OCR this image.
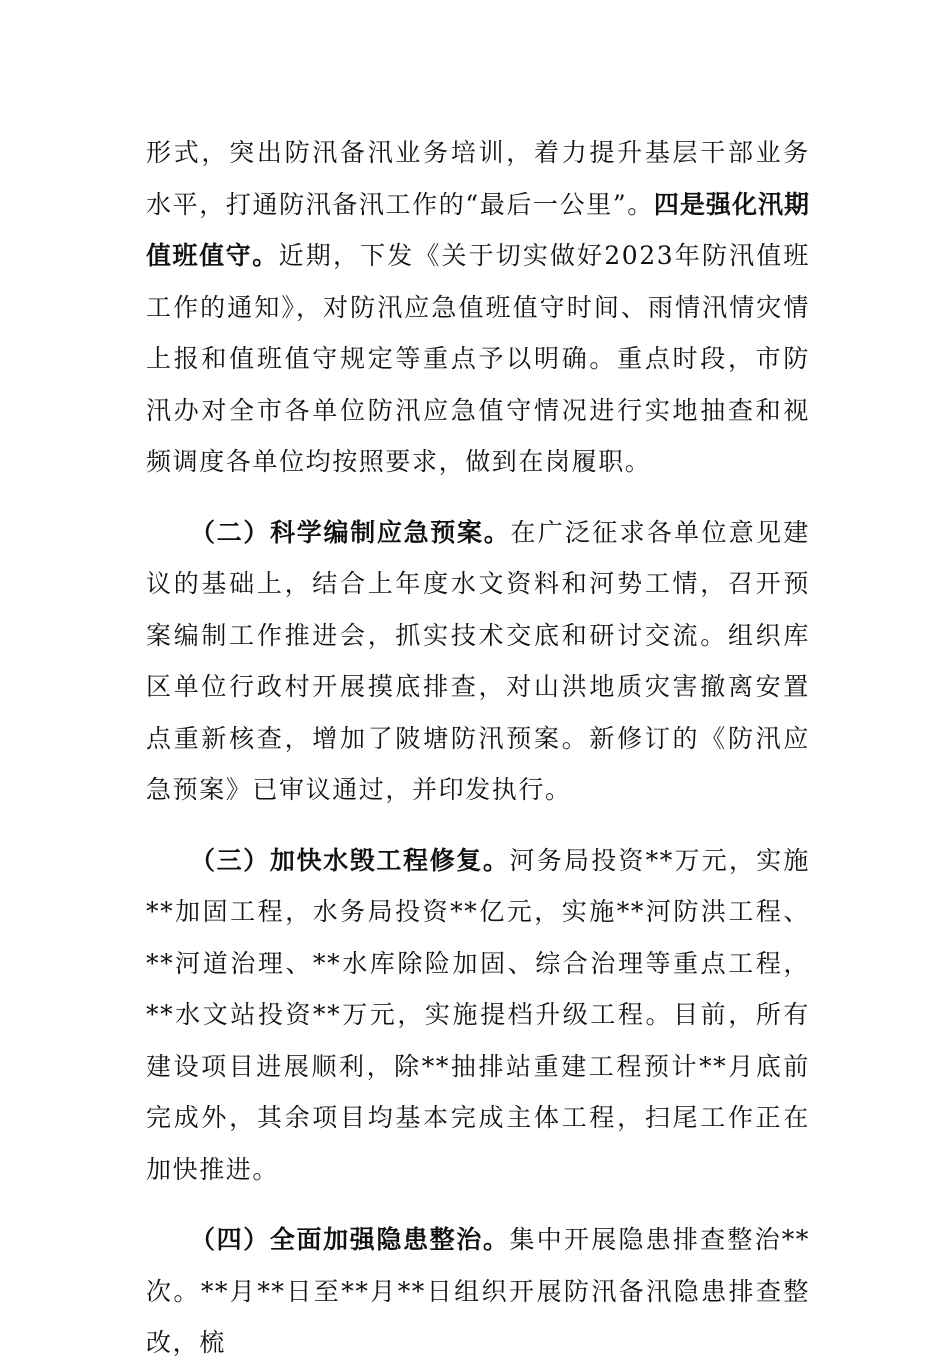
形式，突出防汛备汛业务培训，着力提升基层干部业务水平，打通防汛备汛工作的“最后一公里”。四是强化汛期值班值守。近期，下发《关于切实做好2023年防汛值班工作的通知》，对防汛应急值班值守时间、雨情汛情灾情上报和值班值守规定等重点予以明确。重点时段，市防汛办对全市各单位防汛应急值守情况进行实地抽查和视频调度各单位均按照要求，做到在岗履职。

（二）科学编制应急预案。在广泛征求各单位意见建议的基础上，结合上年度水文资料和河势工情，召开预案编制工作推进会，抓实技术交底和研讨交流。组织库区单位行政村开展摸底排查，对山洪地质灾害撤离安置点重新核查，增加了陂塘防汛预案。新修订的《防汛应急预案》已审议通过，并印发执行。

（三）加快水毁工程修复。河务局投资**万元，实施**加固工程，水务局投资**亿元，实施**河防洪工程、**河道治理、**水库除险加固、综合治理等重点工程，**水文站投资**万元，实施提档升级工程。目前，所有建设项目进展顺利，除**抽排站重建工程预计**月底前完成外，其余项目均基本完成主体工程，扫尾工作正在加快推进。

（四）全面加强隐患整治。集中开展隐患排查整治**次。**月**日至**月**日组织开展防汛备汛隐患排查整改，梳
